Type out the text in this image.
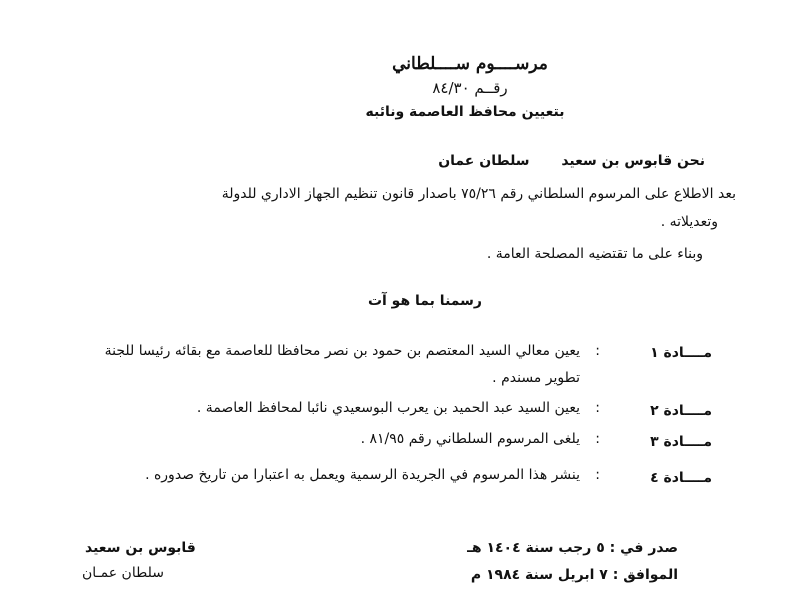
مرســــوم ســــلطاني
رقــم ٨٤/٣٠
بتعيين محافظ العاصمة ونائبه
نحن قابوس بن سعيد  سلطان عمان
بعد الاطلاع على المرسوم السلطاني رقم ٧٥/٢٦ باصدار قانون تنظيم الجهاز الاداري للدولة
وتعديلاته .
وبناء على ما تقتضيه المصلحة العامة .
رسمنا بما هو آت
مــــادة ١
:
يعين معالي السيد المعتصم بن حمود بن نصر محافظا للعاصمة مع بقائه رئيسا للجنة
تطوير مسندم .
مــــادة ٢
:
يعين السيد عبد الحميد بن يعرب البوسعيدي نائبا لمحافظ العاصمة .
مــــادة ٣
:
يلغى المرسوم السلطاني رقم ٨١/٩٥ .
مــــادة ٤
:
ينشر هذا المرسوم في الجريدة الرسمية ويعمل به اعتبارا من تاريخ صدوره .
صدر في : ٥ رجب سنة ١٤٠٤ هـ
الموافق : ٧ ابريل سنة ١٩٨٤ م
قابوس بن سعيد
سلطان عمـان
